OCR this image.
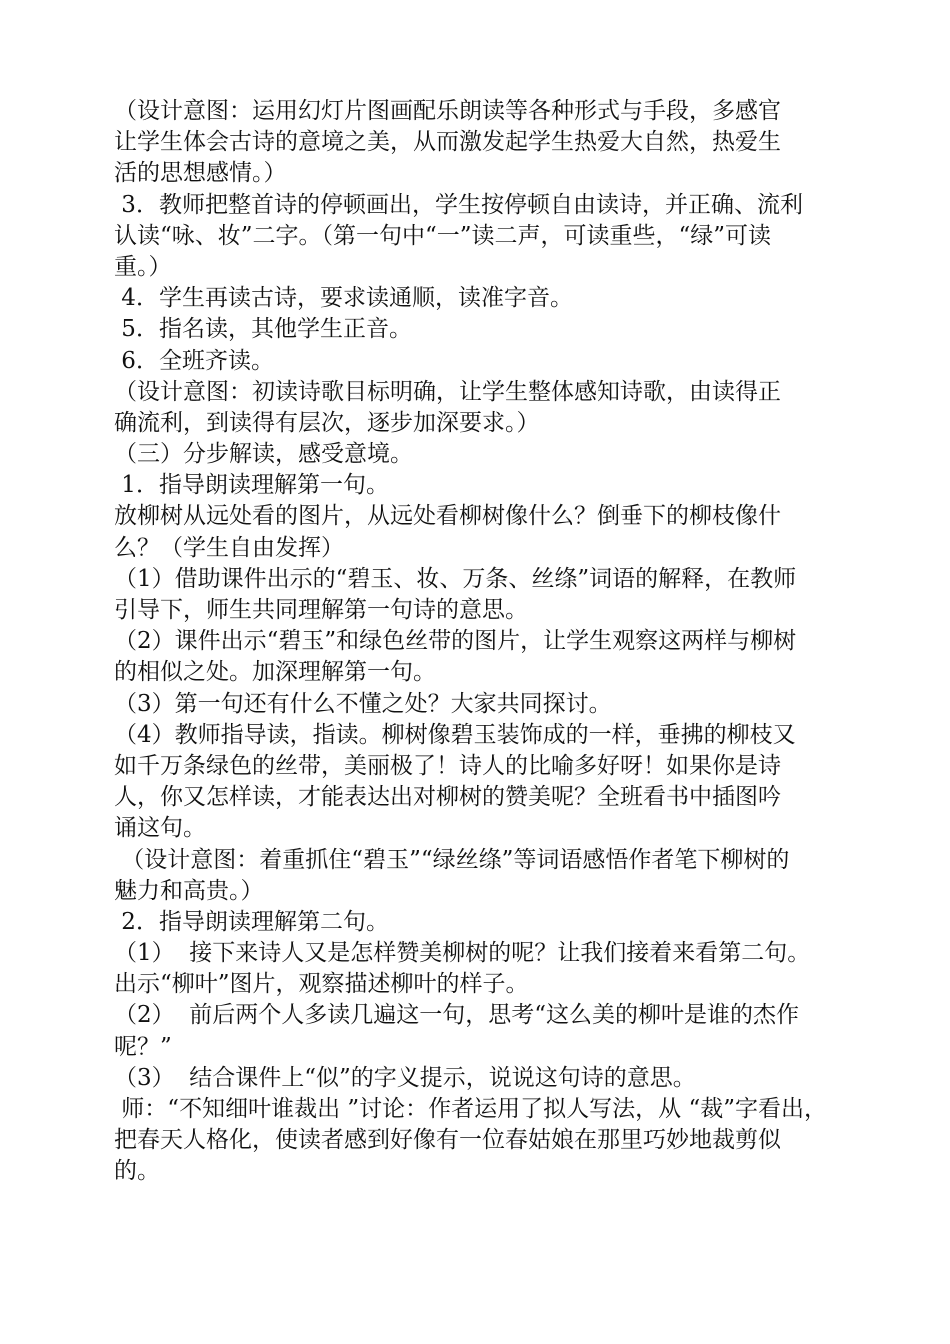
（设计意图：运用幻灯片图画配乐朗读等各种形式与手段，多感官
让学生体会古诗的意境之美，从而激发起学生热爱大自然，热爱生
活的思想感情。）
3．教师把整首诗的停顿画出，学生按停顿自由读诗，并正确、流利
认读“咏、妆”二字。（第一句中“一”读二声，可读重些，“绿”可读
重。）
4．学生再读古诗，要求读通顺，读准字音。
5．指名读，其他学生正音。
6．全班齐读。
（设计意图：初读诗歌目标明确，让学生整体感知诗歌，由读得正
确流利，到读得有层次，逐步加深要求。）
（三）分步解读，感受意境。
1．指导朗读理解第一句。
放柳树从远处看的图片，从远处看柳树像什么？倒垂下的柳枝像什
么？（学生自由发挥）
（1）借助课件出示的“碧玉、妆、万条、丝绦”词语的解释，在教师
引导下，师生共同理解第一句诗的意思。
（2）课件出示“碧玉”和绿色丝带的图片，让学生观察这两样与柳树
的相似之处。加深理解第一句。
（3）第一句还有什么不懂之处？大家共同探讨。
（4）教师指导读，指读。柳树像碧玉装饰成的一样，垂拂的柳枝又
如千万条绿色的丝带，美丽极了！诗人的比喻多好呀！如果你是诗
人，你又怎样读，才能表达出对柳树的赞美呢？全班看书中插图吟
诵这句。
（设计意图：着重抓住“碧玉”“绿丝绦”等词语感悟作者笔下柳树的
魅力和高贵。）
2．指导朗读理解第二句。
（1）  接下来诗人又是怎样赞美柳树的呢？让我们接着来看第二句。
出示“柳叶”图片，观察描述柳叶的样子。
（2）  前后两个人多读几遍这一句，思考“这么美的柳叶是谁的杰作
呢？”
（3）  结合课件上“似”的字义提示，说说这句诗的意思。
师：“不知细叶谁裁出 ”讨论：作者运用了拟人写法，从 “裁”字看出，
把春天人格化，使读者感到好像有一位春姑娘在那里巧妙地裁剪似
的。
